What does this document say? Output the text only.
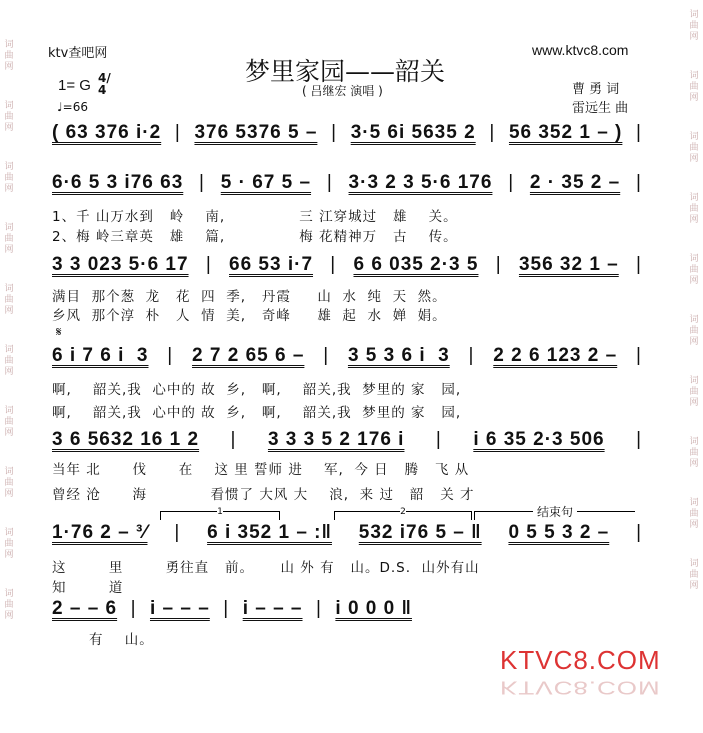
词曲网
词曲网
词曲网
词曲网
词曲网
词曲网
词曲网
词曲网
词曲网
词曲网
词曲网
词曲网
词曲网
词曲网
词曲网
词曲网
词曲网
词曲网
词曲网
词曲网
ktv查吧网	www.ktvc8.com
梦里家园——韶关
( 吕继宏 演唱 )
1= G 4/4
♩=66
曹 勇 词
雷远生 曲
( 63 376 i·2 | 376 5376 5 – | 3·5 6i 5635 2 | 56 352 1 – ) |
6·6 5 3 i76 63 | 5 · 67 5 – | 3·3 2 3 5·6 176 | 2 · 35 2 – |
1、千 山万水到   岭    南,              三 江穿城过   雄    关。
2、梅 岭三章英   雄    篇,              梅 花精神万   古    传。
3 3 023 5·6 17 | 66 53 i·7 | 6 6 035 2·3 5 | 356 32 1 – |
满目  那个葱  龙   花  四  季,   丹霞     山  水  纯  天  然。
乡风  那个淳  朴   人  情  美,   奇峰     雄  起  水  婵  娟。
𝄋
6 i 7 6 i  3 | 2 7 2 65 6 – | 3 5 3 6 i  3 | 2 2 6 123 2 – |
啊,    韶关,我  心中的 故  乡,   啊,    韶关,我  梦里的 家   园,
啊,    韶关,我  心中的 故  乡,   啊,    韶关,我  梦里的 家   园,
3 6 5632 16 1 2 | 3 3 3 5 2 176 i | i 6 35 2·3 506 |
当年 北      伐      在    这 里 誓师 进    军,  今 日   腾   飞 从
曾经 沧      海            看惯了 大风 大    浪,  来 过   韶   关 才
1	2	结束句
1·76 2 – ³⁄ | 6 i 352 1 – :‖ 532 i76 5 – ‖ 0 5 5 3 2 – |
这        里        勇往直   前。     山 外 有   山。D.S.  山外有山
知        道
2 – – 6 | i – – – | i – – – | i 0 0 0 ‖
有    山。
KTVC8.COM
KTVC8.COM
